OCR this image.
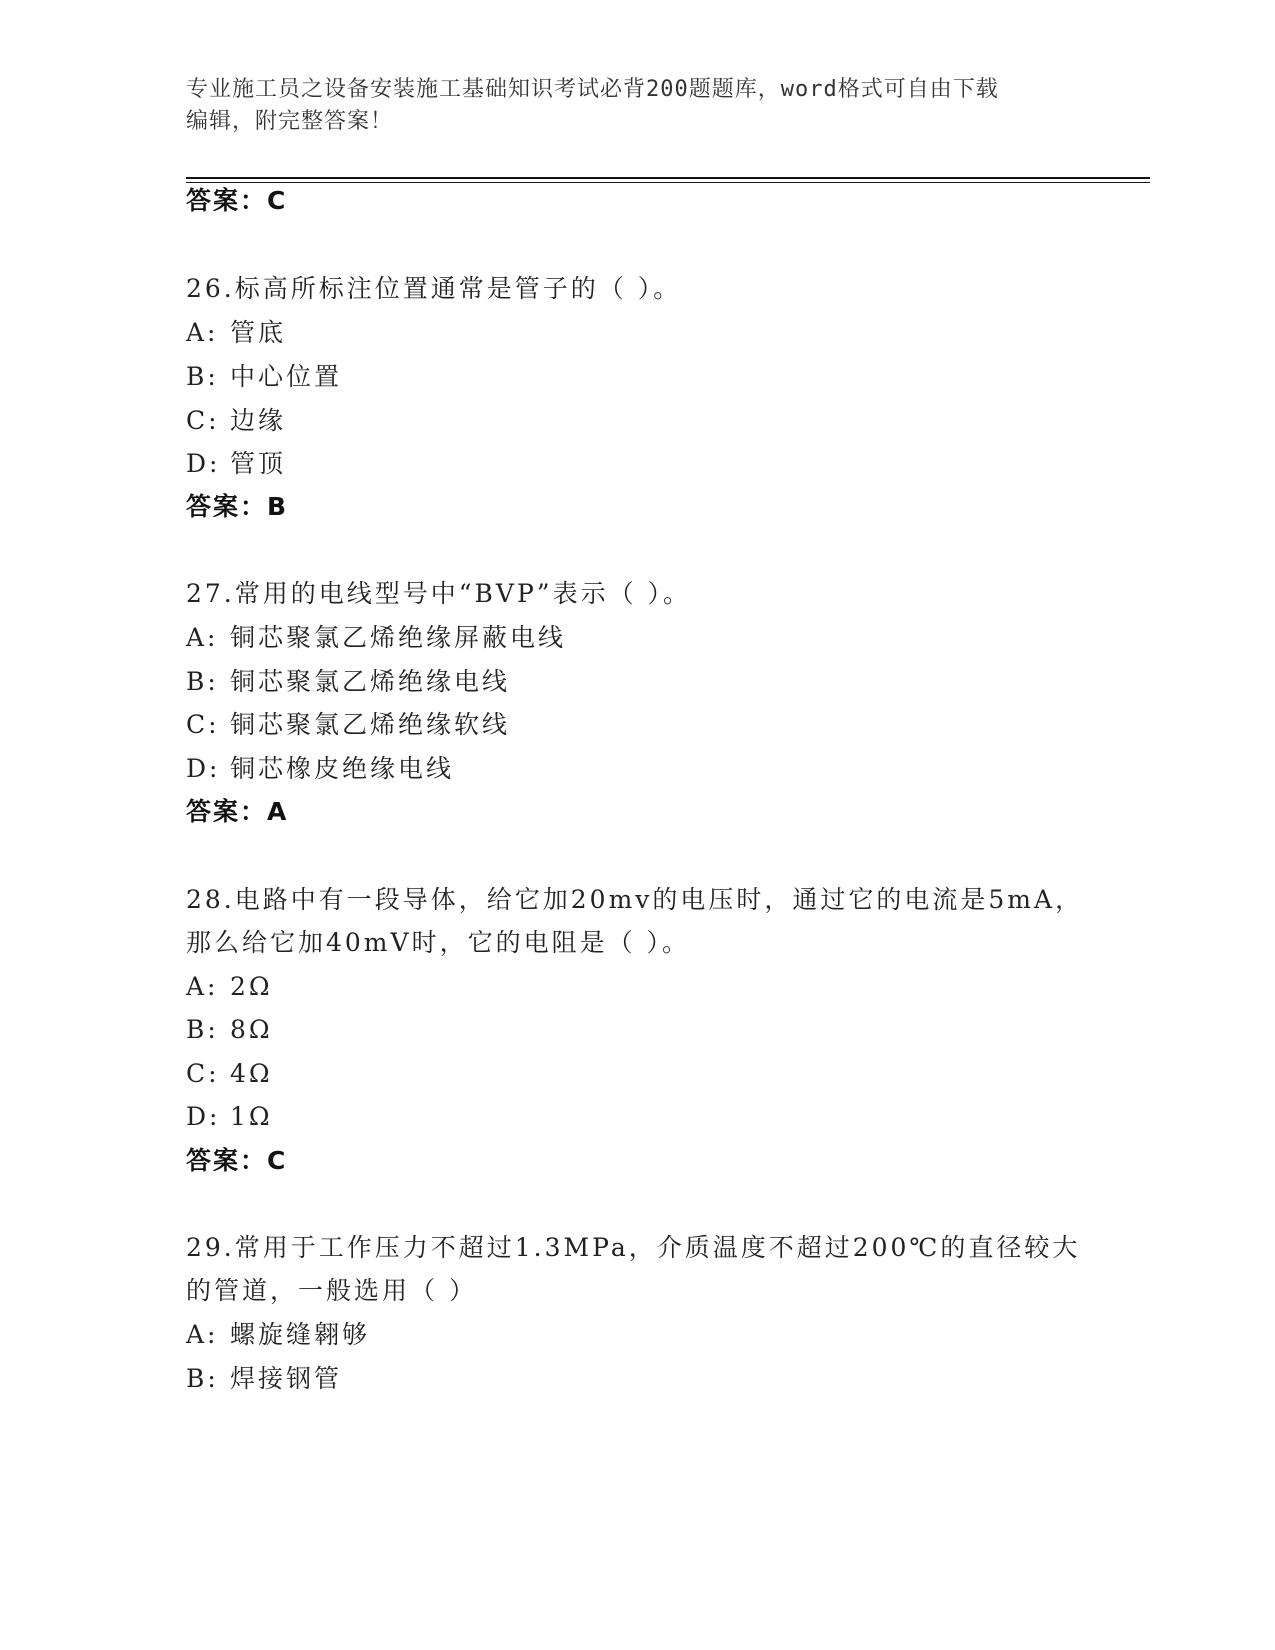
专业施工员之设备安装施工基础知识考试必背200题题库，word格式可自由下载
编辑，附完整答案！
答案：C
26.标高所标注位置通常是管子的（ ）。
A: 管底
B: 中心位置
C: 边缘
D: 管顶
答案：B
27.常用的电线型号中“BVP”表示（ ）。
A: 铜芯聚氯乙烯绝缘屏蔽电线
B: 铜芯聚氯乙烯绝缘电线
C: 铜芯聚氯乙烯绝缘软线
D: 铜芯橡皮绝缘电线
答案：A
28.电路中有一段导体，给它加20mv的电压时，通过它的电流是5mA，
那么给它加40mV时，它的电阻是（ ）。
A: 2Ω
B: 8Ω
C: 4Ω
D: 1Ω
答案：C
29.常用于工作压力不超过1.3MPa，介质温度不超过200℃的直径较大
的管道，一般选用（ ）
A: 螺旋缝翱够
B: 焊接钢管
